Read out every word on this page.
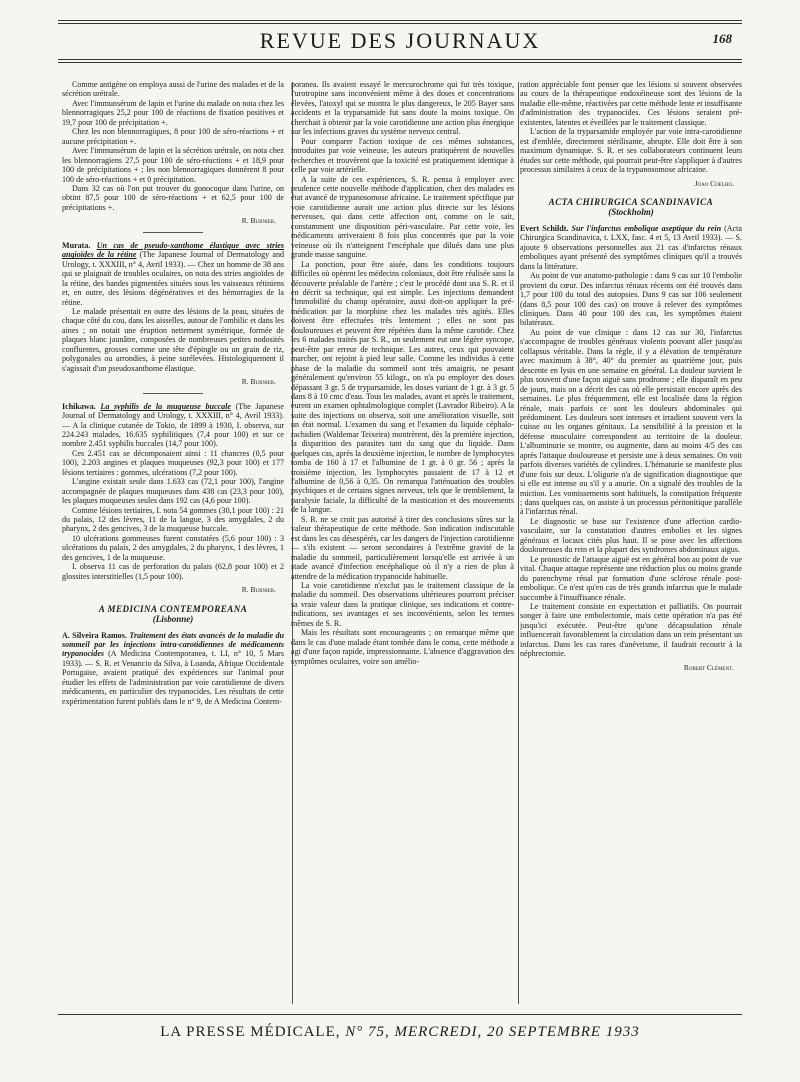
REVUE DES JOURNAUX	168

Comme antigène on employa aussi de l'urine des malades et de la sécrétion urétrale.

Avec l'immunsérum de lapin et l'urine du malade on nota chez les blennorragiques 25,2 pour 100 de réactions de fixation positives et 19,7 pour 100 de précipitation +.

Chez les non blennorragiques, 8 pour 100 de séro-réactions + et aucune précipitation +.

Avec l'immunsérum de lapin et la sécrétion urétrale, on nota chez les blennorragiens 27,5 pour 100 de séro-réactions + et 18,9 pour 100 de précipitations + ; les non blennorragiques donnèrent 8 pour 100 de séro-réactions + et 0 précipitation.

Dans 32 cas où l'on put trouver du gonocoque dans l'urine, on obtint 87,5 pour 100 de séro-réactions + et 62,5 pour 100 de précipitations +.

R. Burnier.

Murata. Un cas de pseudo-xanthome élastique avec stries angioïdes de la rétine (The Japanese Journal of Dermatology and Urology, t. XXXIII, n° 4, Avril 1933). — Chez un homme de 38 ans qui se plaignait de troubles oculaires, on nota des stries angioïdes de la rétine, des bandes pigmentées situées sous les vaisseaux rétiniens et, en outre, des lésions dégénératives et des hémorragies de la rétine.

Le malade présentait en outre des lésions de la peau, situées de chaque côté du cou, dans les aisselles, autour de l'ombilic et dans les aines ; on notait une éruption nettement symétrique, formée de plaques blanc jaunâtre, composées de nombreuses petites nodosités confluentes, grosses comme une tête d'épingle ou un grain de riz, polygonales ou arrondies, à peine surélevées. Histologiquement il s'agissait d'un pseudoxanthome élastique.

R. Burnier.

Ichikawa. La syphilis de la muqueuse buccale (The Japanese Journal of Dermatology and Urology, t. XXXIII, n° 4, Avril 1933). — A la clinique cutanée de Tokio, de 1899 à 1930, I. observa, sur 224.243 malades, 16.635 syphilitiques (7,4 pour 100) et sur ce nombre 2.451 syphilis buccales (14,7 pour 100).

Ces 2.451 cas se décomposaient ainsi : 11 chancres (0,5 pour 100), 2.203 angines et plaques muqueuses (92,3 pour 100) et 177 lésions tertiaires : gommes, ulcérations (7,2 pour 100).

L'angine existait seule dans 1.633 cas (72,1 pour 100), l'angine accompagnée de plaques muqueuses dans 438 cas (23,3 pour 100), les plaques muqueuses seules dans 192 cas (4,6 pour 100).

Comme lésions tertiaires, I. nota 54 gommes (30,1 pour 100) : 21 du palais, 12 des lèvres, 11 de la langue, 3 des amygdales, 2 du pharynx, 2 des gencives, 3 de la muqueuse buccale.

10 ulcérations gommeuses furent constatées (5,6 pour 100) : 3 ulcérations du palais, 2 des amygdales, 2 du pharynx, 1 des lèvres, 1 des gencives, 1 de la muqueuse.

I. observa 11 cas de perforation du palais (62,8 pour 100) et 2 glossites interstitielles (1,5 pour 100).

R. Burnier.
A MEDICINA CONTEMPOREANA
(Lisbonne)

A. Silveira Ramos. Traitement des états avancés de la maladie du sommeil par les injections intra-carotidiennes de médicaments trypanocides (A Medicina Contemporanea, t. LI, n° 10, 5 Mars 1933). — S. R. et Venancio da Silva, à Loanda, Afrique Occidentale Portugaise, avaient pratiqué des expériences sur l'animal pour étudier les effets de l'administration par voie carotidienne de divers médicaments, en particulier des trypanocides. Les résultats de cette expérimentation furent publiés dans le n° 9, de A Medicina Contem-

poranea. Ils avaient essayé le mercurochrome qui fut très toxique, l'urotropine sans inconvénient même à des doses et concentrations élevées, l'atoxyl qui se montra le plus dangereux, le 205 Bayer sans accidents et la tryparsamide fut sans doute la moins toxique. On cherchait à obtenir par la voie carotidienne une action plus énergique sur les infections graves du système nerveux central.

Pour comparer l'action toxique de ces mêmes substances, introduites par voie veineuse, les auteurs pratiquèrent de nouvelles recherches et trouvèrent que la toxicité est pratiquement identique à celle par voie artérielle.

A la suite de ces expériences, S. R. pensa à employer avec prudence cette nouvelle méthode d'application, chez des malades en état avancé de trypanosomose africaine. Le traitement spécifique par voie carotidienne aurait une action plus directe sur les lésions nerveuses, qui dans cette affection ont, comme on le sait, constamment une disposition péri-vasculaire. Par cette voie, les médicaments arriveraient 8 fois plus concentrés que par la voie veineuse où ils n'atteignent l'encéphale que dilués dans une plus grande masse sanguine.

La ponction, pour être aisée, dans les conditions toujours difficiles où opèrent les médecins coloniaux, doit être réalisée sans la découverte préalable de l'artère ; c'est le procédé dont usa S. R. et il en décrit sa technique, qui est simple. Les injections demandent l'immobilité du champ opératoire, aussi doit-on appliquer la pré-médication par la morphine chez les malades très agités. Elles doivent être effectuées très lentement ; elles ne sont pas douloureuses et peuvent être répétées dans la même carotide. Chez les 6 malades traités par S. R., un seulement eut une légère syncope, peut-être par erreur de technique. Les autres, ceux qui pouvaient marcher, ont rejoint à pied leur salle. Comme les individus à cette phase de la maladie du sommeil sont très amaigris, ne pesant généralement qu'environ 55 kilogr., on n'a pu employer des doses dépassant 3 gr. 5 de tryparsamide, les doses variant de 1 gr. à 3 gr. 5 dans 8 à 10 cmc d'eau. Tous les malades, avant et après le traitement, eurent un examen ophtalmologique complet (Lavrador Ribeiro). A la suite des injections on observa, soit une amélioration visuelle, soit un état normal. L'examen du sang et l'examen du liquide céphalo-rachidien (Waldemar Teixeira) montrèrent, dès la première injection, la disparition des parasites tant du sang que du liquide. Dans quelques cas, après la deuxième injection, le nombre de lymphocytes tomba de 160 à 17 et l'albumine de 1 gr. à 0 gr. 56 ; après la troisième injection, les lymphocytes passaient de 17 à 12 et l'albumine de 0,56 à 0,35. On remarqua l'atténuation des troubles psychiques et de certains signes nerveux, tels que le tremblement, la paralysie faciale, la difficulté de la mastication et des mouvements de la langue.

S. R. ne se croit pas autorisé à tirer des conclusions sûres sur la valeur thérapeutique de cette méthode. Son indication indiscutable est dans les cas désespérés, car les dangers de l'injection carotidienne — s'ils existent — seront secondaires à l'extrême gravité de la maladie du sommeil, particulièrement lorsqu'elle est arrivée à un stade avancé d'infection encéphalique où il n'y a rien de plus à attendre de la médication trypanocide habituelle.

La voie carotidienne n'exclut pas le traitement classique de la maladie du sommeil. Des observations ultérieures pourront préciser sa vraie valeur dans la pratique clinique, ses indications et contre-indications, ses avantages et ses inconvénients, selon les termes mêmes de S. R.

Mais les résultats sont encourageants ; on remarque même que dans le cas d'une malade étant tombée dans le coma, cette méthode a agi d'une façon rapide, impressionnante. L'absence d'aggravation des symptômes oculaires, voire son amélio-

ration appréciable font penser que les lésions si souvent observées au cours de la thérapeutique endoxéineuse sont des lésions de la maladie elle-même, réactivées par cette méthode lente et insuffisante d'administration des trypanocides. Ces lésions seraient pré-existentes, latentes et éveillées par le traitement classique.

L'action de la tryparsamide employée par voie intra-carotidienne est d'emblée, directement stérilisante, abrupte. Elle doit être à son maximum dynamique. S. R. et ses collaborateurs continuent leurs études sur cette méthode, qui pourrait peut-être s'appliquer à d'autres processus similaires à ceux de la trypanosomose africaine.

Joao Coelho.
ACTA CHIRURGICA SCANDINAVICA
(Stockholm)

Evert Schildt. Sur l'infarctus embolique aseptique du rein (Acta Chirurgica Scandinavica, t. LXX, fasc. 4 et 5, 13 Avril 1933). — S. ajoute 9 observations personnelles aux 21 cas d'infarctus rénaux emboliques ayant présenté des symptômes cliniques qu'il a trouvés dans la littérature.

Au point de vue anatomo-pathologie : dans 9 cas sur 10 l'embolie provient du cœur. Des infarctus rénaux récents ont été trouvés dans 1,7 pour 100 du total des autopsies. Dans 9 cas sur 106 seulement (dans 8,5 pour 100 des cas) on trouve à relever des symptômes cliniques. Dans 40 pour 100 des cas, les symptômes étaient bilatéraux.

Au point de vue clinique : dans 12 cas sur 30, l'infarctus s'accompagne de troubles généraux violents pouvant aller jusqu'au collapsus véritable. Dans la règle, il y a élévation de température avec maximum à 38°, 40° du premier au quatrième jour, puis descente en lysis en une semaine en général. La douleur survient le plus souvent d'une façon aiguë sans prodrome ; elle disparaît en peu de jours, mais on a décrit des cas où elle persistait encore après des semaines. Le plus fréquemment, elle est localisée dans la région rénale, mais parfois ce sont les douleurs abdominales qui prédominent. Les douleurs sont intenses et irradient souvent vers la cuisse ou les organes génitaux. La sensibilité à la pression et la défense musculaire correspondent au territoire de la douleur. L'albuminurie se montre, ou augmente, dans au moins 4/5 des cas après l'attaque douloureuse et persiste une à deux semaines. On voit parfois diverses variétés de cylindres. L'hématurie se manifeste plus d'une fois sur deux. L'oligurie n'a de signification diagnostique que si elle est intense ou s'il y a anurie. On a signalé des troubles de la miction. Les vomissements sont habituels, la constipation fréquente ; dans quelques cas, on assiste à un processus péritonitique parallèle à l'infarctus rénal.

Le diagnostic se base sur l'existence d'une affection cardio-vasculaire, sur la constatation d'autres embolies et les signes généraux et locaux cités plus haut. Il se pose avec les affections douloureuses du rein et la plupart des syndromes abdominaux aigus.

Le pronostic de l'attaque aiguë est en général bon au point de vue vital. Chaque attaque représente une réduction plus ou moins grande du parenchyme rénal par formation d'une sclérose rénale post-embolique. Ce n'est qu'en cas de très grands infarctus que le malade succombe à l'insuffisance rénale.

Le traitement consiste en expectation et palliatifs. On pourrait songer à faire une embolectomie, mais cette opération n'a pas été jusqu'ici exécutée. Peut-être qu'une décapsulation rénale influencerait favorablement la circulation dans un rein présentant un infarctus. Dans les cas rares d'anévrisme, il faudrait recourir à la néphrectomie.

Robert Clément.
LA PRESSE MÉDICALE, N° 75, MERCREDI, 20 SEPTEMBRE 1933
